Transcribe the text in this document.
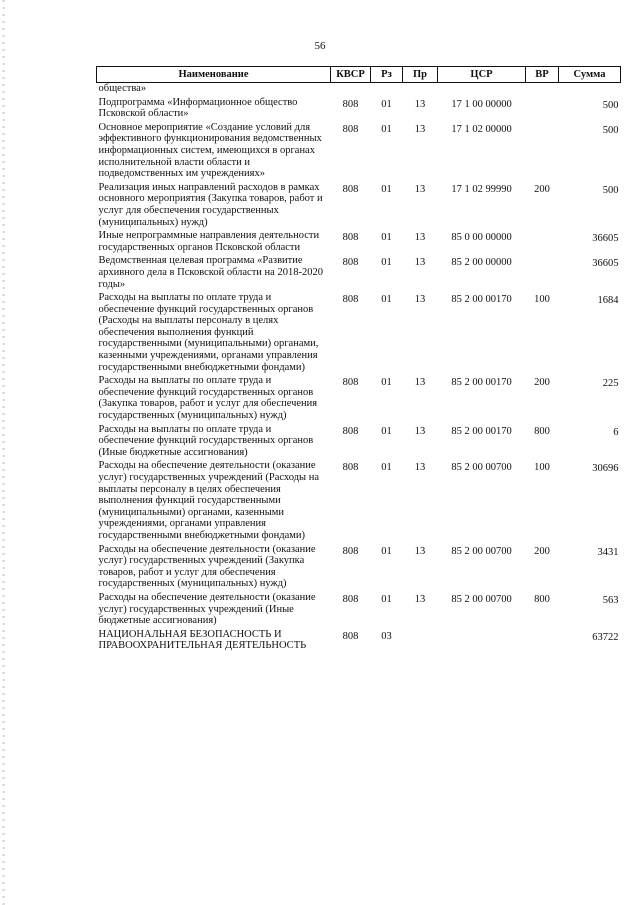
56
Наименование	КВСР	Рз	Пр	ЦСР	ВР	Сумма
общества»						
Подпрограмма «Информационное общество Псковской области»	808	01	13	17 1 00 00000		500
Основное мероприятие «Создание условий для эффективного функционирования ведомственных информационных систем, имеющихся в органах исполнительной власти области и подведомственных им учреждениях»	808	01	13	17 1 02 00000		500
Реализация иных направлений расходов в рамках основного мероприятия (Закупка товаров, работ и услуг для обеспечения государственных (муниципальных) нужд)	808	01	13	17 1 02 99990	200	500
Иные непрограммные направления деятельности государственных органов Псковской области	808	01	13	85 0 00 00000		36605
Ведомственная целевая программа «Развитие архивного дела в Псковской области на 2018-2020 годы»	808	01	13	85 2 00 00000		36605
Расходы на выплаты по оплате труда и обеспечение функций государственных органов (Расходы на выплаты персоналу в целях обеспечения выполнения функций государственными (муниципальными) органами, казенными учреждениями, органами управления государственными внебюджетными фондами)	808	01	13	85 2 00 00170	100	1684
Расходы на выплаты по оплате труда и обеспечение функций государственных органов (Закупка товаров, работ и услуг для обеспечения государственных (муниципальных) нужд)	808	01	13	85 2 00 00170	200	225
Расходы на выплаты по оплате труда и обеспечение функций государственных органов (Иные бюджетные ассигнования)	808	01	13	85 2 00 00170	800	6
Расходы на обеспечение деятельности (оказание услуг) государственных учреждений (Расходы на выплаты персоналу в целях обеспечения выполнения функций государственными (муниципальными) органами, казенными учреждениями, органами управления государственными внебюджетными фондами)	808	01	13	85 2 00 00700	100	30696
Расходы на обеспечение деятельности (оказание услуг) государственных учреждений (Закупка товаров, работ и услуг для обеспечения государственных (муниципальных) нужд)	808	01	13	85 2 00 00700	200	3431
Расходы на обеспечение деятельности (оказание услуг) государственных учреждений (Иные бюджетные ассигнования)	808	01	13	85 2 00 00700	800	563
НАЦИОНАЛЬНАЯ БЕЗОПАСНОСТЬ И ПРАВООХРАНИТЕЛЬНАЯ ДЕЯТЕЛЬНОСТЬ	808	03				63722
